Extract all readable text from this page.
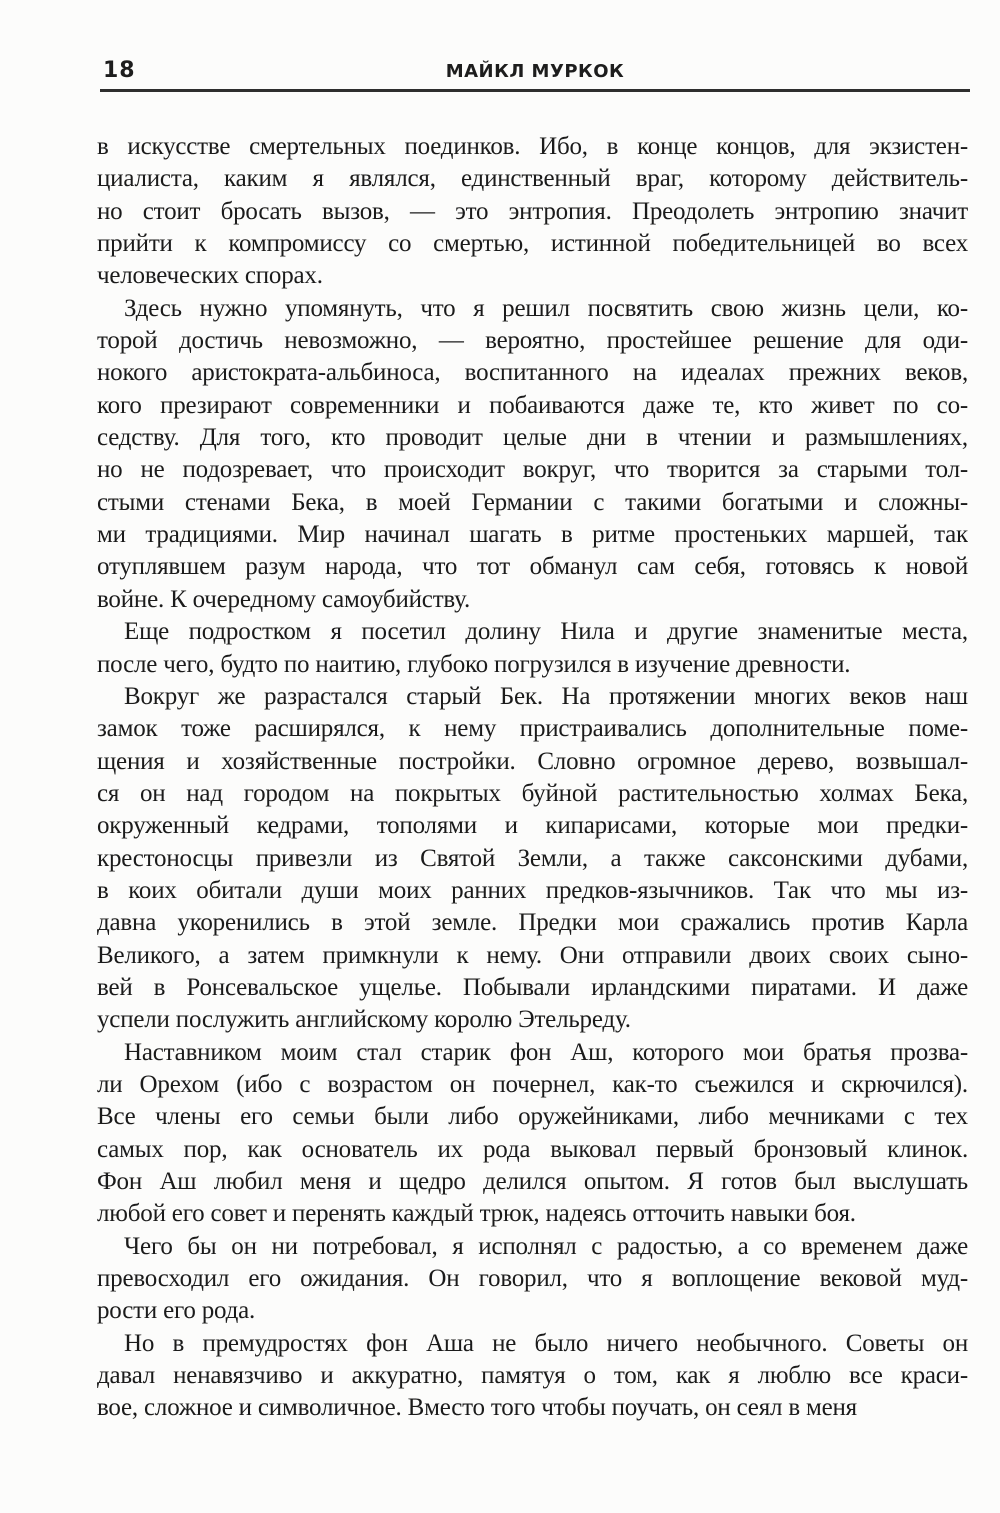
18	МАЙКЛ МУРКОК
в искусстве смертельных поединков. Ибо, в конце концов, для экзистен-
циалиста, каким я являлся, единственный враг, которому действитель-
но стоит бросать вызов, — это энтропия. Преодолеть энтропию значит
прийти к компромиссу со смертью, истинной победительницей во всех
человеческих спорах.
Здесь нужно упомянуть, что я решил посвятить свою жизнь цели, ко-
торой достичь невозможно, — вероятно, простейшее решение для оди-
нокого аристократа-альбиноса, воспитанного на идеалах прежних веков,
кого презирают современники и побаиваются даже те, кто живет по со-
седству. Для того, кто проводит целые дни в чтении и размышлениях,
но не подозревает, что происходит вокруг, что творится за старыми тол-
стыми стенами Бека, в моей Германии с такими богатыми и сложны-
ми традициями. Мир начинал шагать в ритме простеньких маршей, так
отуплявшем разум народа, что тот обманул сам себя, готовясь к новой
войне. К очередному самоубийству.
Еще подростком я посетил долину Нила и другие знаменитые места,
после чего, будто по наитию, глубоко погрузился в изучение древности.
Вокруг же разрастался старый Бек. На протяжении многих веков наш
замок тоже расширялся, к нему пристраивались дополнительные поме-
щения и хозяйственные постройки. Словно огромное дерево, возвышал-
ся он над городом на покрытых буйной растительностью холмах Бека,
окруженный кедрами, тополями и кипарисами, которые мои предки-
крестоносцы привезли из Святой Земли, а также саксонскими дубами,
в коих обитали души моих ранних предков-язычников. Так что мы из-
давна укоренились в этой земле. Предки мои сражались против Карла
Великого, а затем примкнули к нему. Они отправили двоих своих сыно-
вей в Ронсевальское ущелье. Побывали ирландскими пиратами. И даже
успели послужить английскому королю Этельреду.
Наставником моим стал старик фон Аш, которого мои братья прозва-
ли Орехом (ибо с возрастом он почернел, как-то съежился и скрючился).
Все члены его семьи были либо оружейниками, либо мечниками с тех
самых пор, как основатель их рода выковал первый бронзовый клинок.
Фон Аш любил меня и щедро делился опытом. Я готов был выслушать
любой его совет и перенять каждый трюк, надеясь отточить навыки боя.
Чего бы он ни потребовал, я исполнял с радостью, а со временем даже
превосходил его ожидания. Он говорил, что я воплощение вековой муд-
рости его рода.
Но в премудростях фон Аша не было ничего необычного. Советы он
давал ненавязчиво и аккуратно, памятуя о том, как я люблю все краси-
вое, сложное и символичное. Вместо того чтобы поучать, он сеял в меня
